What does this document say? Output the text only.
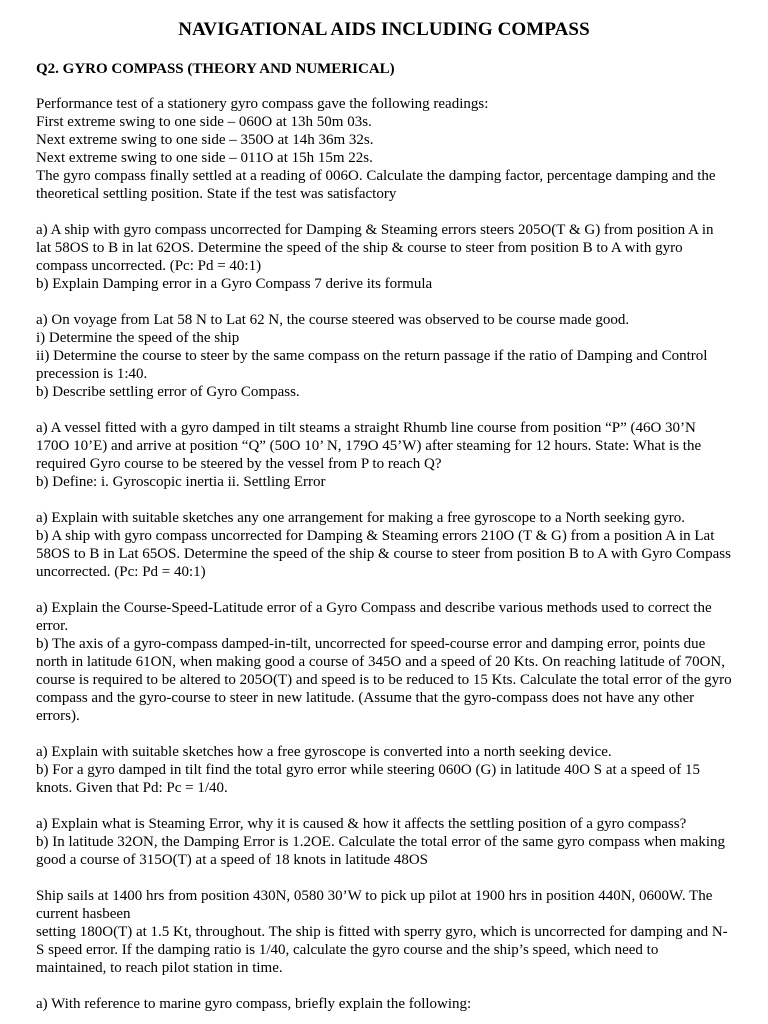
NAVIGATIONAL AIDS INCLUDING COMPASS
Q2. GYRO COMPASS (THEORY AND NUMERICAL)
Performance test of a stationery gyro compass gave the following readings:
First extreme swing to one side – 060O at 13h 50m 03s.
Next extreme swing to one side – 350O at 14h 36m 32s.
Next extreme swing to one side – 011O at 15h 15m 22s.
The gyro compass finally settled at a reading of 006O. Calculate the damping factor, percentage damping and the theoretical settling position. State if the test was satisfactory
a) A ship with gyro compass uncorrected for Damping & Steaming errors steers 205O(T & G) from position A in lat 58OS to B in lat 62OS. Determine the speed of the ship & course to steer from position B to A with gyro compass uncorrected. (Pc: Pd = 40:1)
b) Explain Damping error in a Gyro Compass 7 derive its formula
a) On voyage from Lat 58 N to Lat 62 N, the course steered was observed to be course made good.
i) Determine the speed of the ship
ii) Determine the course to steer by the same compass on the return passage if the ratio of Damping and Control precession is 1:40.
b) Describe settling error of Gyro Compass.
a) A vessel fitted with a gyro damped in tilt steams a straight Rhumb line course from position “P” (46O 30’N 170O 10’E) and arrive at position “Q” (50O 10’ N, 179O 45’W) after steaming for 12 hours. State: What is the required Gyro course to be steered by the vessel from P to reach Q?
b) Define: i. Gyroscopic inertia ii. Settling Error
a) Explain with suitable sketches any one arrangement for making a free gyroscope to a North seeking gyro.
b) A ship with gyro compass uncorrected for Damping & Steaming errors 210O (T & G) from a position A in Lat 58OS to B in Lat 65OS. Determine the speed of the ship & course to steer from position B to A with Gyro Compass uncorrected. (Pc: Pd = 40:1)
a) Explain the Course-Speed-Latitude error of a Gyro Compass and describe various methods used to correct the error.
b) The axis of a gyro-compass damped-in-tilt, uncorrected for speed-course error and damping error, points due north in latitude 61ON, when making good a course of 345O and a speed of 20 Kts. On reaching latitude of 70ON, course is required to be altered to 205O(T) and speed is to be reduced to 15 Kts. Calculate the total error of the gyro compass and the gyro-course to steer in new latitude. (Assume that the gyro-compass does not have any other errors).
a) Explain with suitable sketches how a free gyroscope is converted into a north seeking device.
b) For a gyro damped in tilt find the total gyro error while steering 060O (G) in latitude 40O S at a speed of 15 knots. Given that Pd: Pc = 1/40.
a) Explain what is Steaming Error, why it is caused & how it affects the settling position of a gyro compass?
b) In latitude 32ON, the Damping Error is 1.2OE. Calculate the total error of the same gyro compass when making good a course of 315O(T) at a speed of 18 knots in latitude 48OS
Ship sails at 1400 hrs from position 430N, 0580 30’W to pick up pilot at 1900 hrs in position 440N, 0600W. The current hasbeen
setting 180O(T) at 1.5 Kt, throughout. The ship is fitted with sperry gyro, which is uncorrected for damping and N-S speed error. If the damping ratio is 1/40, calculate the gyro course and the ship’s speed, which need to maintained, to reach pilot station in time.
a) With reference to marine gyro compass, briefly explain the following:
